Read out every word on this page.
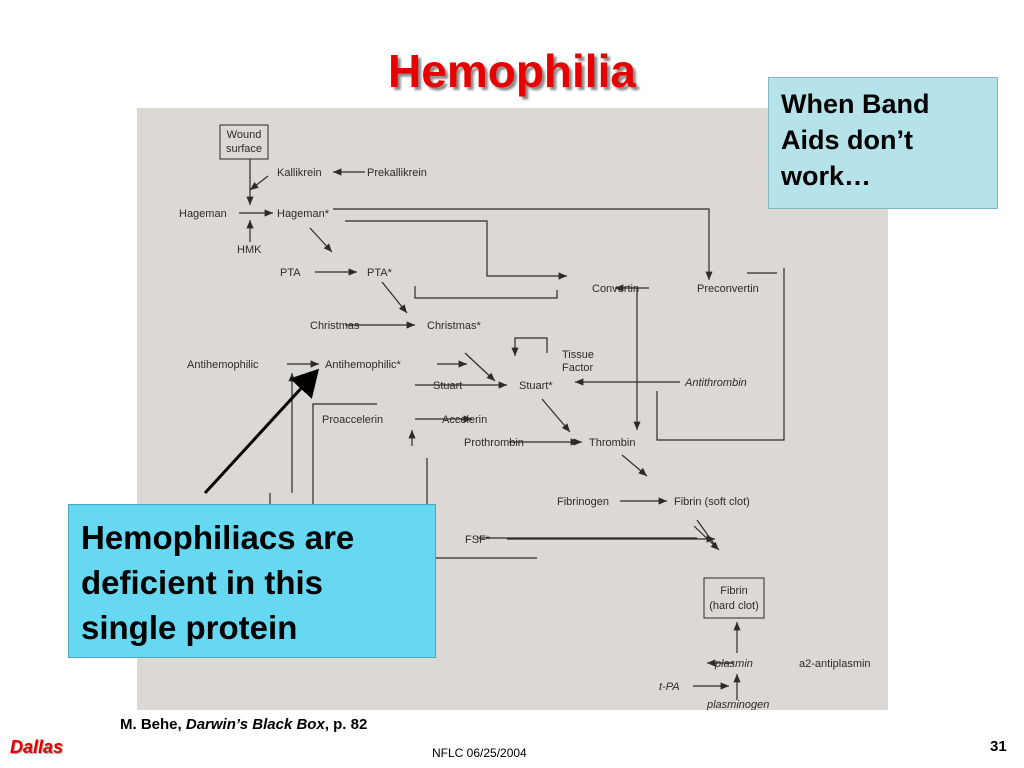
Hemophilia
Wound
surface
Kallikrein	Prekallikrein
Hageman	Hageman*
HMK
PTA	PTA*
Convertin	Preconvertin
Christmas	Christmas*
Antihemophilic	Antihemophilic*
Tissue
Factor
Stuart	Stuart*	Antithrombin
Proaccelerin	Accelerin
Prothrombin	Thrombin
Fibrinogen	Fibrin (soft clot)
FSF*
Fibrin
(hard clot)
plasmin	a2-antiplasmin
t-PA
plasminogen
When Band Aids don’t work…
Hemophiliacs are deficient in this single protein
M. Behe, Darwin’s Black Box, p. 82
Dallas	NFLC 06/25/2004	31
